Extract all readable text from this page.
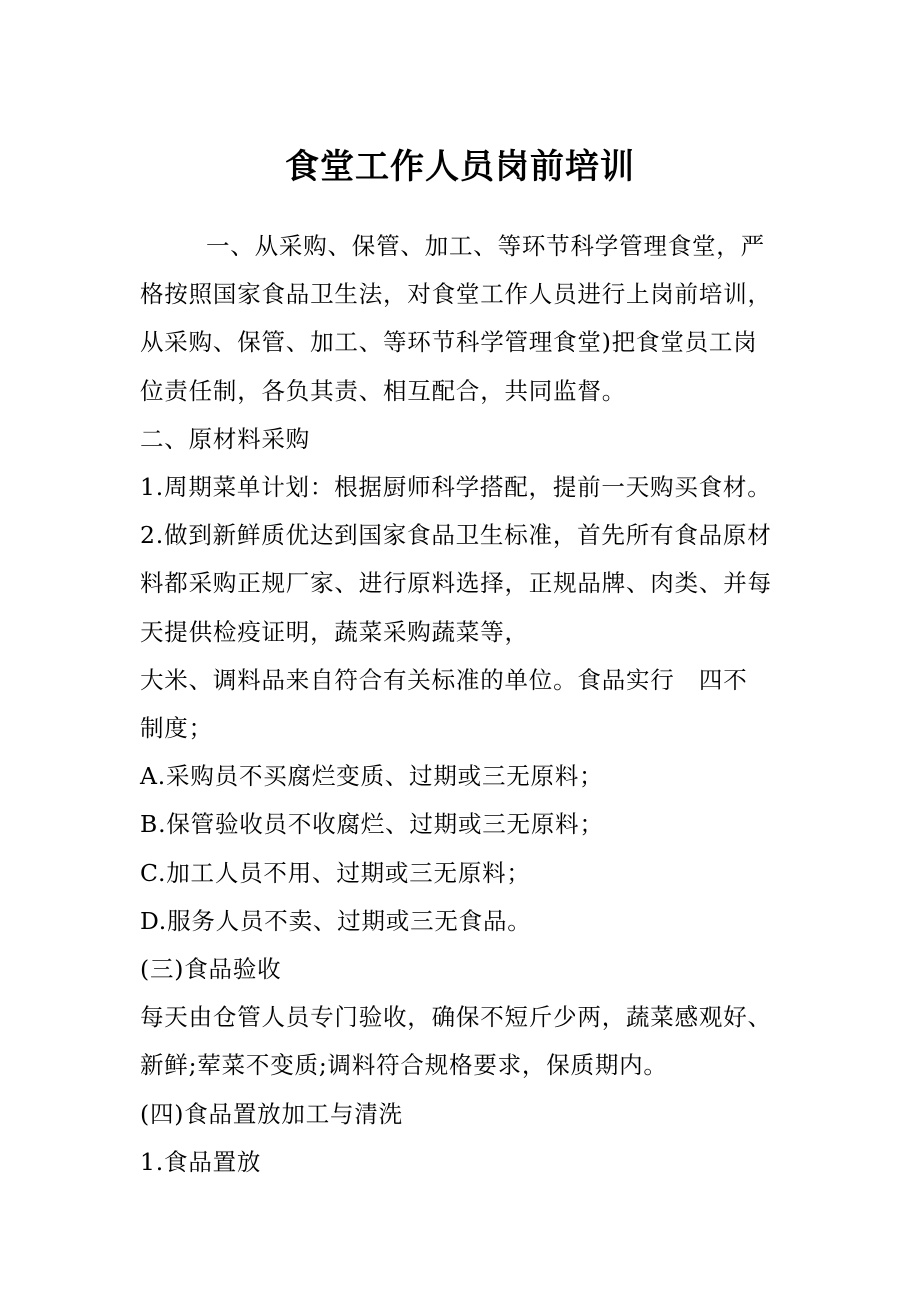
食堂工作人员岗前培训

一、从采购、保管、加工、等环节科学管理食堂，严

格按照国家食品卫生法，对食堂工作人员进行上岗前培训，

从采购、保管、加工、等环节科学管理食堂)把食堂员工岗

位责任制，各负其责、相互配合，共同监督。

二、原材料采购

1.周期菜单计划：根据厨师科学搭配，提前一天购买食材。

2.做到新鲜质优达到国家食品卫生标准，首先所有食品原材

料都采购正规厂家、进行原料选择，正规品牌、肉类、并每

天提供检疫证明，蔬菜采购蔬菜等，

大米、调料品来自符合有关标准的单位。食品实行　四不

制度；

A.采购员不买腐烂变质、过期或三无原料；

B.保管验收员不收腐烂、过期或三无原料；

C.加工人员不用、过期或三无原料；

D.服务人员不卖、过期或三无食品。

(三)食品验收

每天由仓管人员专门验收，确保不短斤少两，蔬菜感观好、

新鲜;荤菜不变质;调料符合规格要求，保质期内。

(四)食品置放加工与清洗

1.食品置放
